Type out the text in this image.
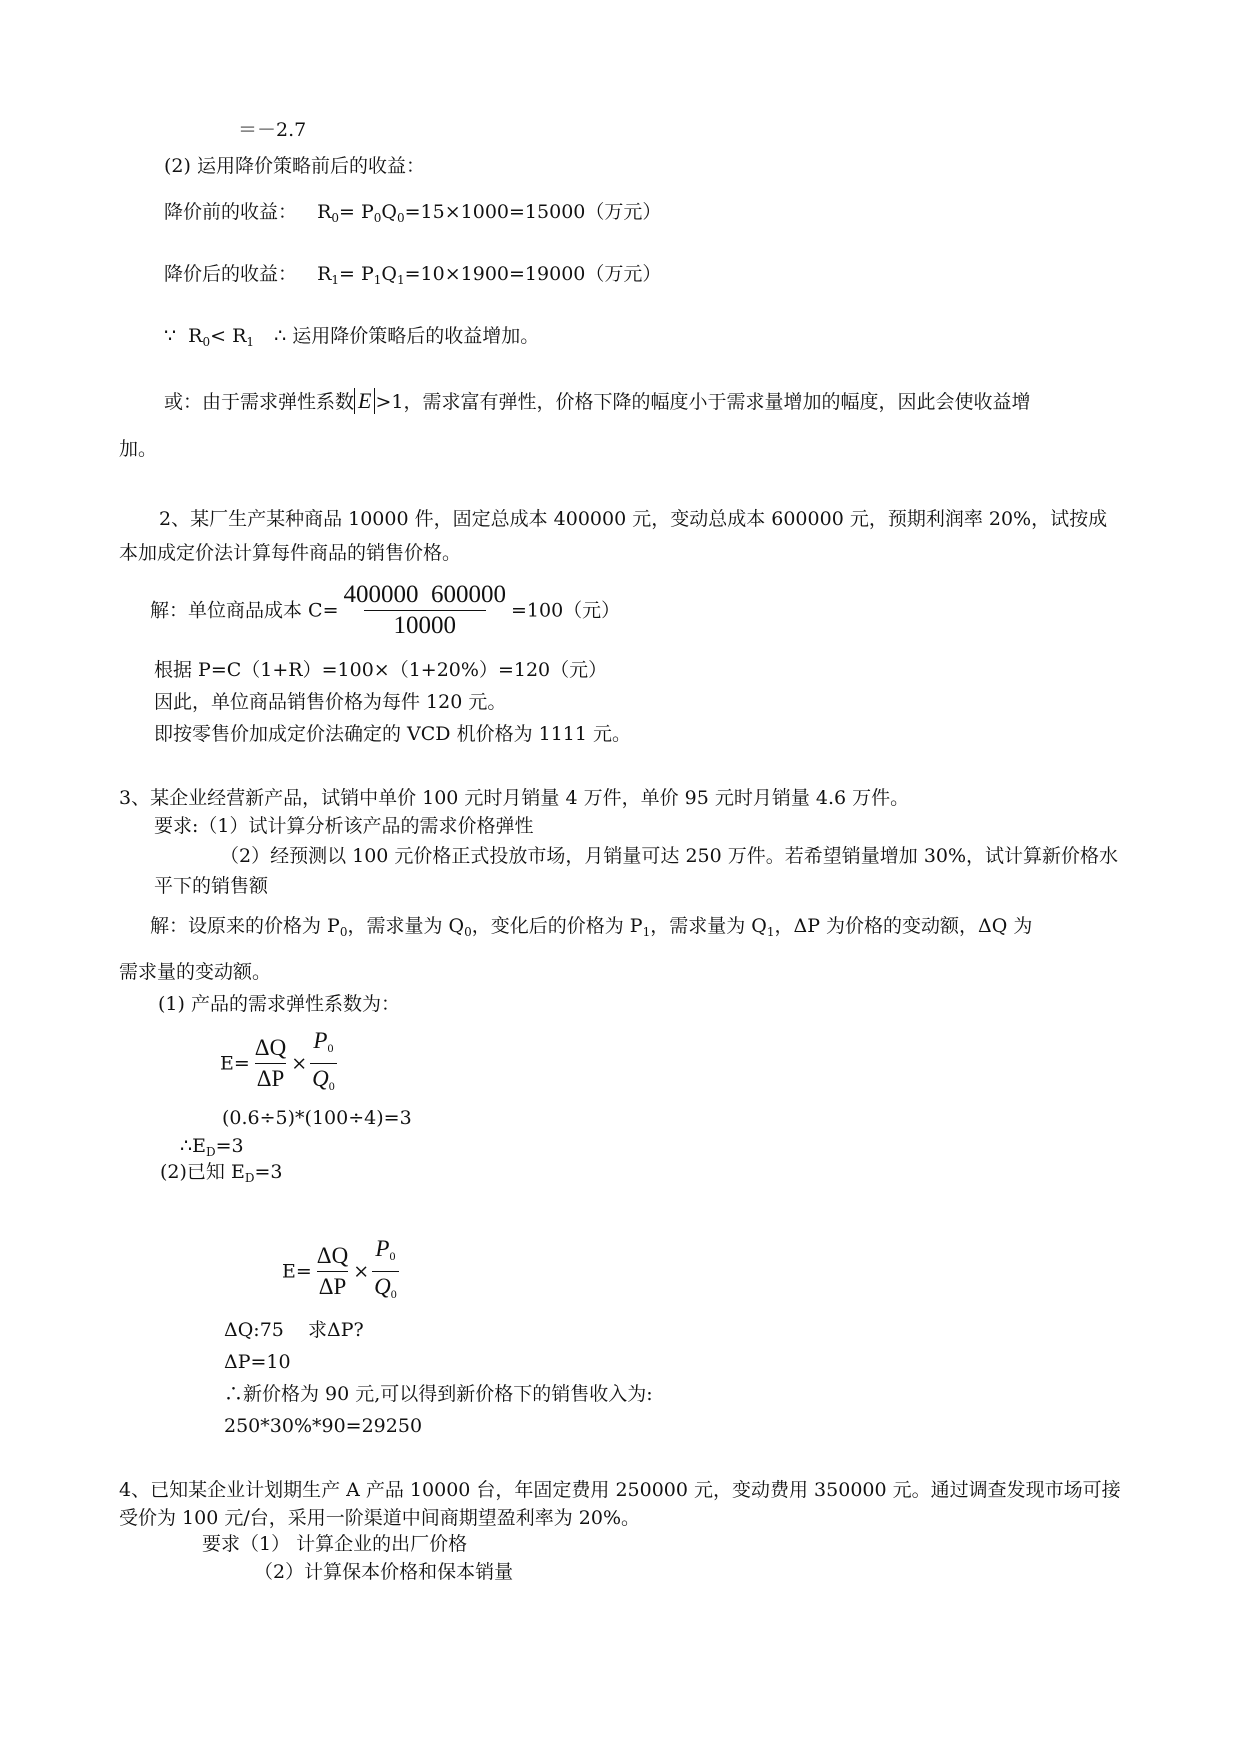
＝－2.7
(2) 运用降价策略前后的收益：
降价前的收益： $R_0= P_0Q_0=15\times 1000=15000$（万元）
降价后的收益： $R_1= P_1Q_1=10\times 1900=19000$（万元）
∵ $R_0< R_1$ ∴ 运用降价策略后的收益增加。
或：由于需求弹性系数 E >1，需求富有弹性，价格下降的幅度小于需求量增加的幅度，因此会使收益增
加。
2、某厂生产某种商品 10000 件，固定总成本 400000 元，变动总成本 600000 元，预期利润率 20%，试按成本加成定价法计算每件商品的销售价格。
解：单位商品成本 $C= \frac{400000 600000}{10000} =100$（元）
根据 P=C（1+R）=100×（1+20%）=120（元）
因此，单位商品销售价格为每件 120 元。
即按零售价加成定价法确定的 VCD 机价格为 1111 元。
3、某企业经营新产品，试销中单价 100 元时月销量 4 万件，单价 95 元时月销量 4.6 万件。
要求:（1）试计算分析该产品的需求价格弹性
（2）经预测以 100 元价格正式投放市场，月销量可达 250 万件。若希望销量增加 30%，试计算新价格水平下的销售额
解：设原来的价格为 $P_0$，需求量为 $Q_0$，变化后的价格为 $P_1$，需求量为 $Q_1$，ΔP 为价格的变动额，ΔQ 为
需求量的变动额。
(1) 产品的需求弹性系数为：
$E= \frac{\Delta Q}{\Delta P} \times \frac{P_0}{Q_0}$
(0.6÷5)*(100÷4)=3
$\therefore E_D=3$
(2)已知 $E_D=3$
$E= \frac{\Delta Q}{\Delta P} \times \frac{P_0}{Q_0}$
ΔQ:75    求ΔP?
ΔP=10
∴新价格为 90 元,可以得到新价格下的销售收入为:
250*30%*90=29250
4、已知某企业计划期生产 A 产品 10000 台，年固定费用 250000 元，变动费用 350000 元。通过调查发现市场可接受价为 100 元/台，采用一阶渠道中间商期望盈利率为 20%。
要求（1） 计算企业的出厂价格
（2）计算保本价格和保本销量
